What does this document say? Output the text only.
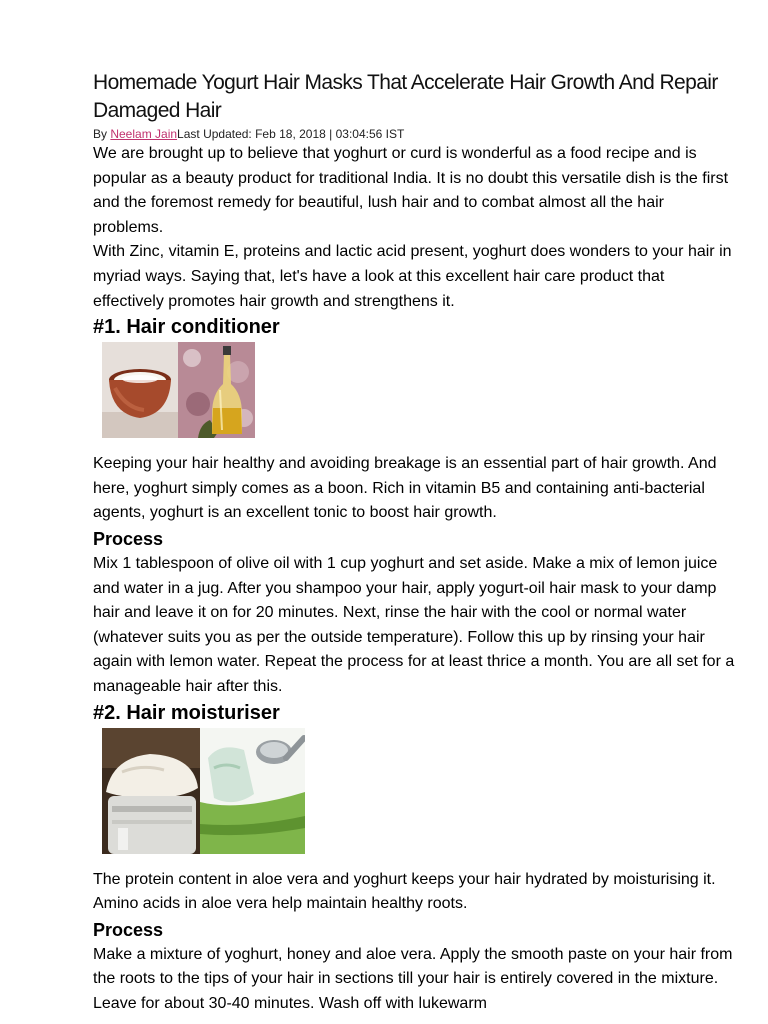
Homemade Yogurt Hair Masks That Accelerate Hair Growth And Repair Damaged Hair
By Neelam JainLast Updated: Feb 18, 2018 | 03:04:56 IST

We are brought up to believe that yoghurt or curd is wonderful as a food recipe and is popular as a beauty product for traditional India. It is no doubt this versatile dish is the first and the foremost remedy for beautiful, lush hair and to combat almost all the hair problems.

With Zinc, vitamin E, proteins and lactic acid present, yoghurt does wonders to your hair in myriad ways. Saying that, let's have a look at this excellent hair care product that effectively promotes hair growth and strengthens it.

#1. Hair conditioner

Keeping your hair healthy and avoiding breakage is an essential part of hair growth. And here, yoghurt simply comes as a boon. Rich in vitamin B5 and containing anti-bacterial agents, yoghurt is an excellent tonic to boost hair growth.

Process

Mix 1 tablespoon of olive oil with 1 cup yoghurt and set aside. Make a mix of lemon juice and water in a jug. After you shampoo your hair, apply yogurt-oil hair mask to your damp hair and leave it on for 20 minutes. Next, rinse the hair with the cool or normal water (whatever suits you as per the outside temperature). Follow this up by rinsing your hair again with lemon water. Repeat the process for at least thrice a month. You are all set for a manageable hair after this.

#2. Hair moisturiser

The protein content in aloe vera and yoghurt keeps your hair hydrated by moisturising it. Amino acids in aloe vera help maintain healthy roots.

Process

Make a mixture of yoghurt, honey and aloe vera. Apply the smooth paste on your hair from the roots to the tips of your hair in sections till your hair is entirely covered in the mixture. Leave for about 30-40 minutes. Wash off with lukewarm
